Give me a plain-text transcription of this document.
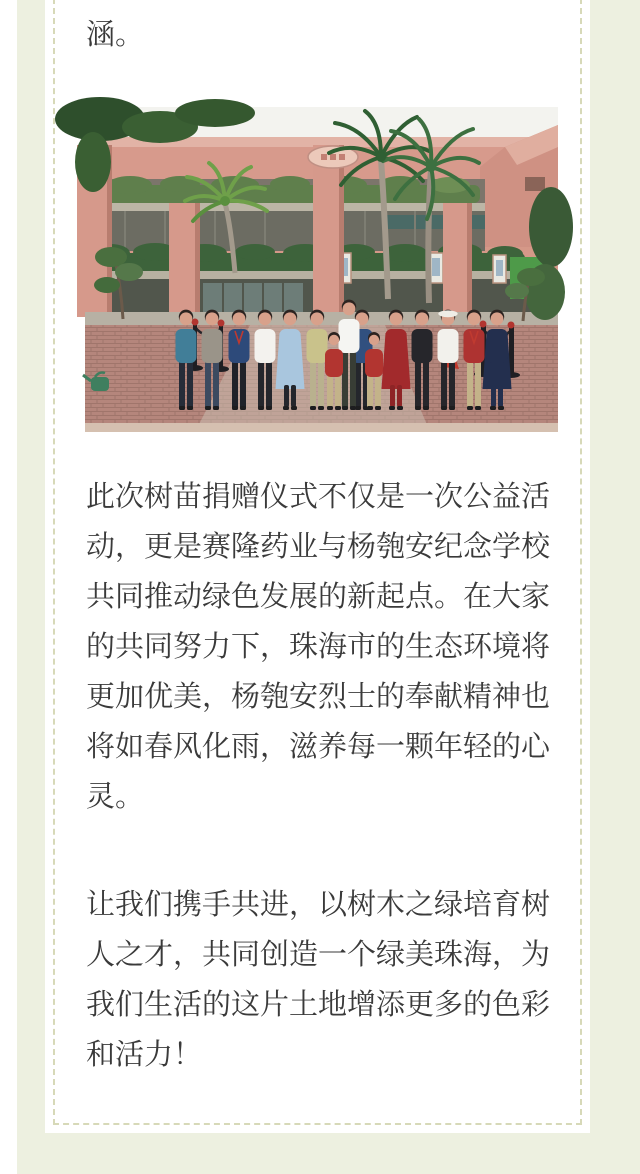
涵。
此次树苗捐赠仪式不仅是一次公益活
动，更是赛隆药业与杨匏安纪念学校
共同推动绿色发展的新起点。在大家
的共同努力下，珠海市的生态环境将
更加优美，杨匏安烈士的奉献精神也
将如春风化雨，滋养每一颗年轻的心
灵。
让我们携手共进，以树木之绿培育树
人之才，共同创造一个绿美珠海，为
我们生活的这片土地增添更多的色彩
和活力！
